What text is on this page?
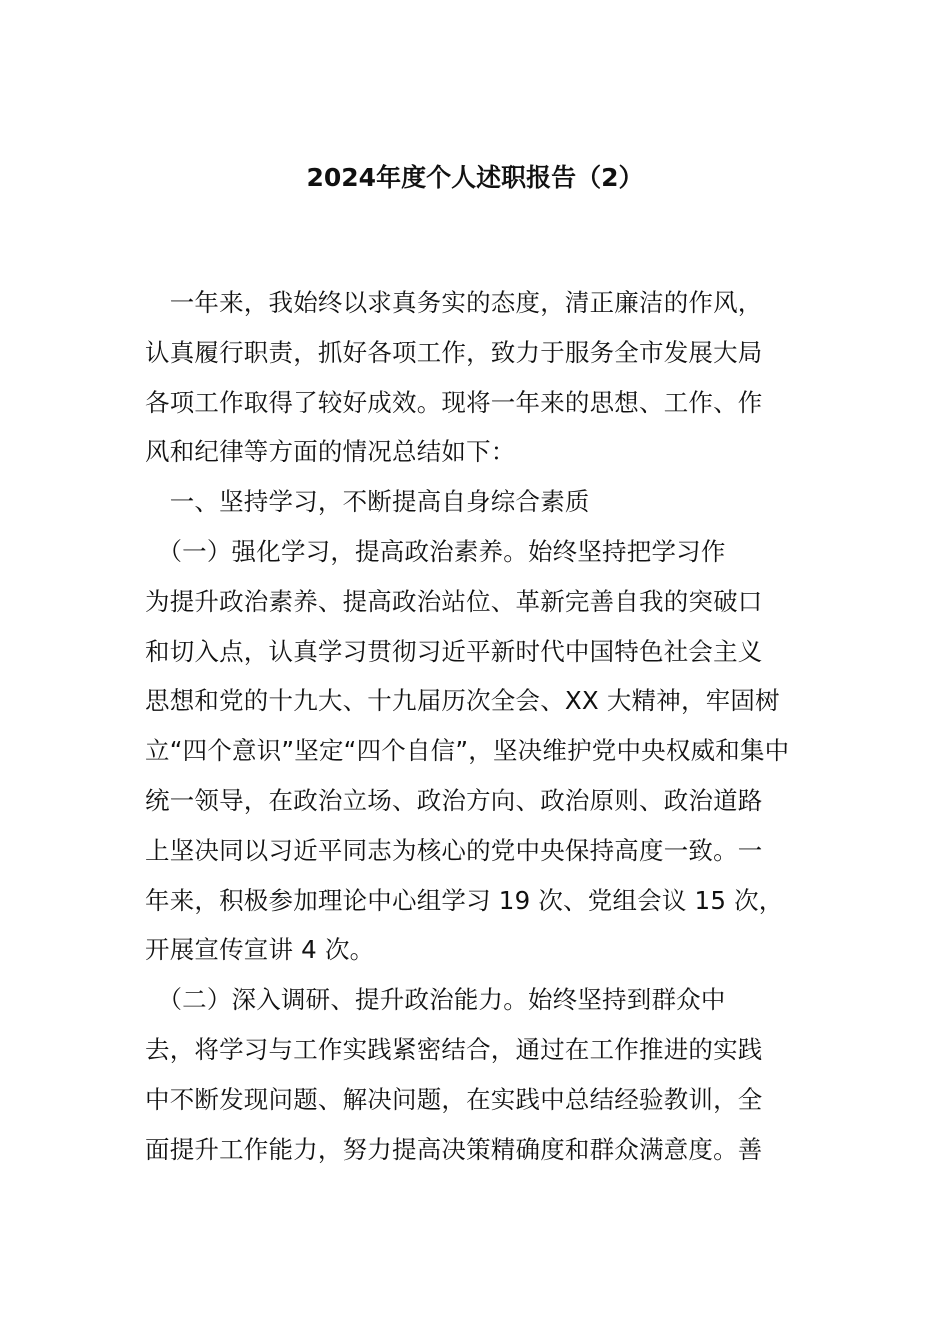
2024年度个人述职报告（2）
　一年来，我始终以求真务实的态度，清正廉洁的作风，
认真履行职责，抓好各项工作，致力于服务全市发展大局
各项工作取得了较好成效。现将一年来的思想、工作、作
风和纪律等方面的情况总结如下：
　一、坚持学习，不断提高自身综合素质
　（一）强化学习，提高政治素养。始终坚持把学习作
为提升政治素养、提高政治站位、革新完善自我的突破口
和切入点，认真学习贯彻习近平新时代中国特色社会主义
思想和党的十九大、十九届历次全会、XX 大精神，牢固树
立“四个意识”坚定“四个自信”，坚决维护党中央权威和集中
统一领导，在政治立场、政治方向、政治原则、政治道路
上坚决同以习近平同志为核心的党中央保持高度一致。一
年来，积极参加理论中心组学习 19 次、党组会议 15 次，
开展宣传宣讲 4 次。
　（二）深入调研、提升政治能力。始终坚持到群众中
去，将学习与工作实践紧密结合，通过在工作推进的实践
中不断发现问题、解决问题，在实践中总结经验教训，全
面提升工作能力，努力提高决策精确度和群众满意度。善
